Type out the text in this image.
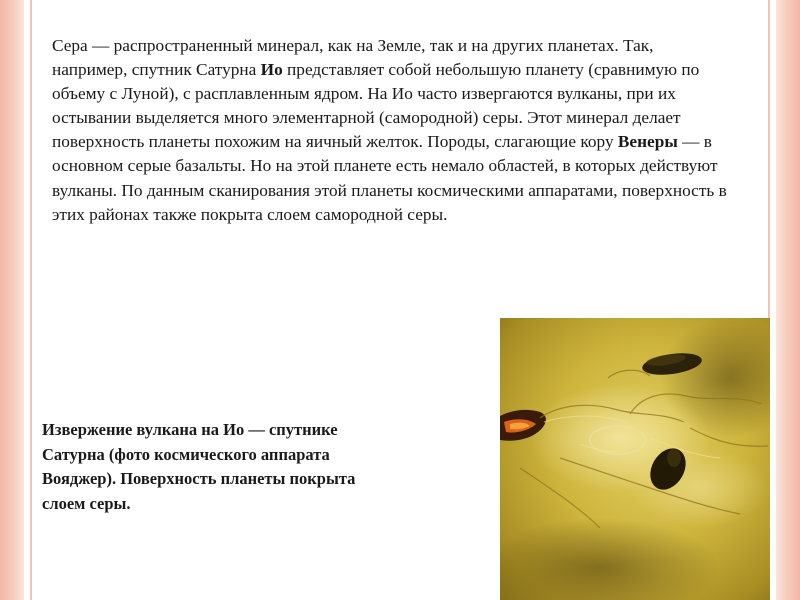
Сера — распространенный минерал, как на Земле, так и на других планетах. Так, например, спутник Сатурна Ио представляет собой небольшую планету (сравнимую по объему с Луной), с расплавленным ядром. На Ио часто извергаются вулканы, при их остывании выделяется много элементарной (самородной) серы. Этот минерал делает поверхность планеты похожим на яичный желток. Породы, слагающие кору Венеры — в основном серые базальты. Но на этой планете есть немало областей, в которых действуют вулканы. По данным сканирования этой планеты космическими аппаратами, поверхность в этих районах также покрыта слоем самородной серы.

Извержение вулкана на Ио — спутнике Сатурна (фото космического аппарата Вояджер). Поверхность планеты покрыта слоем серы.
